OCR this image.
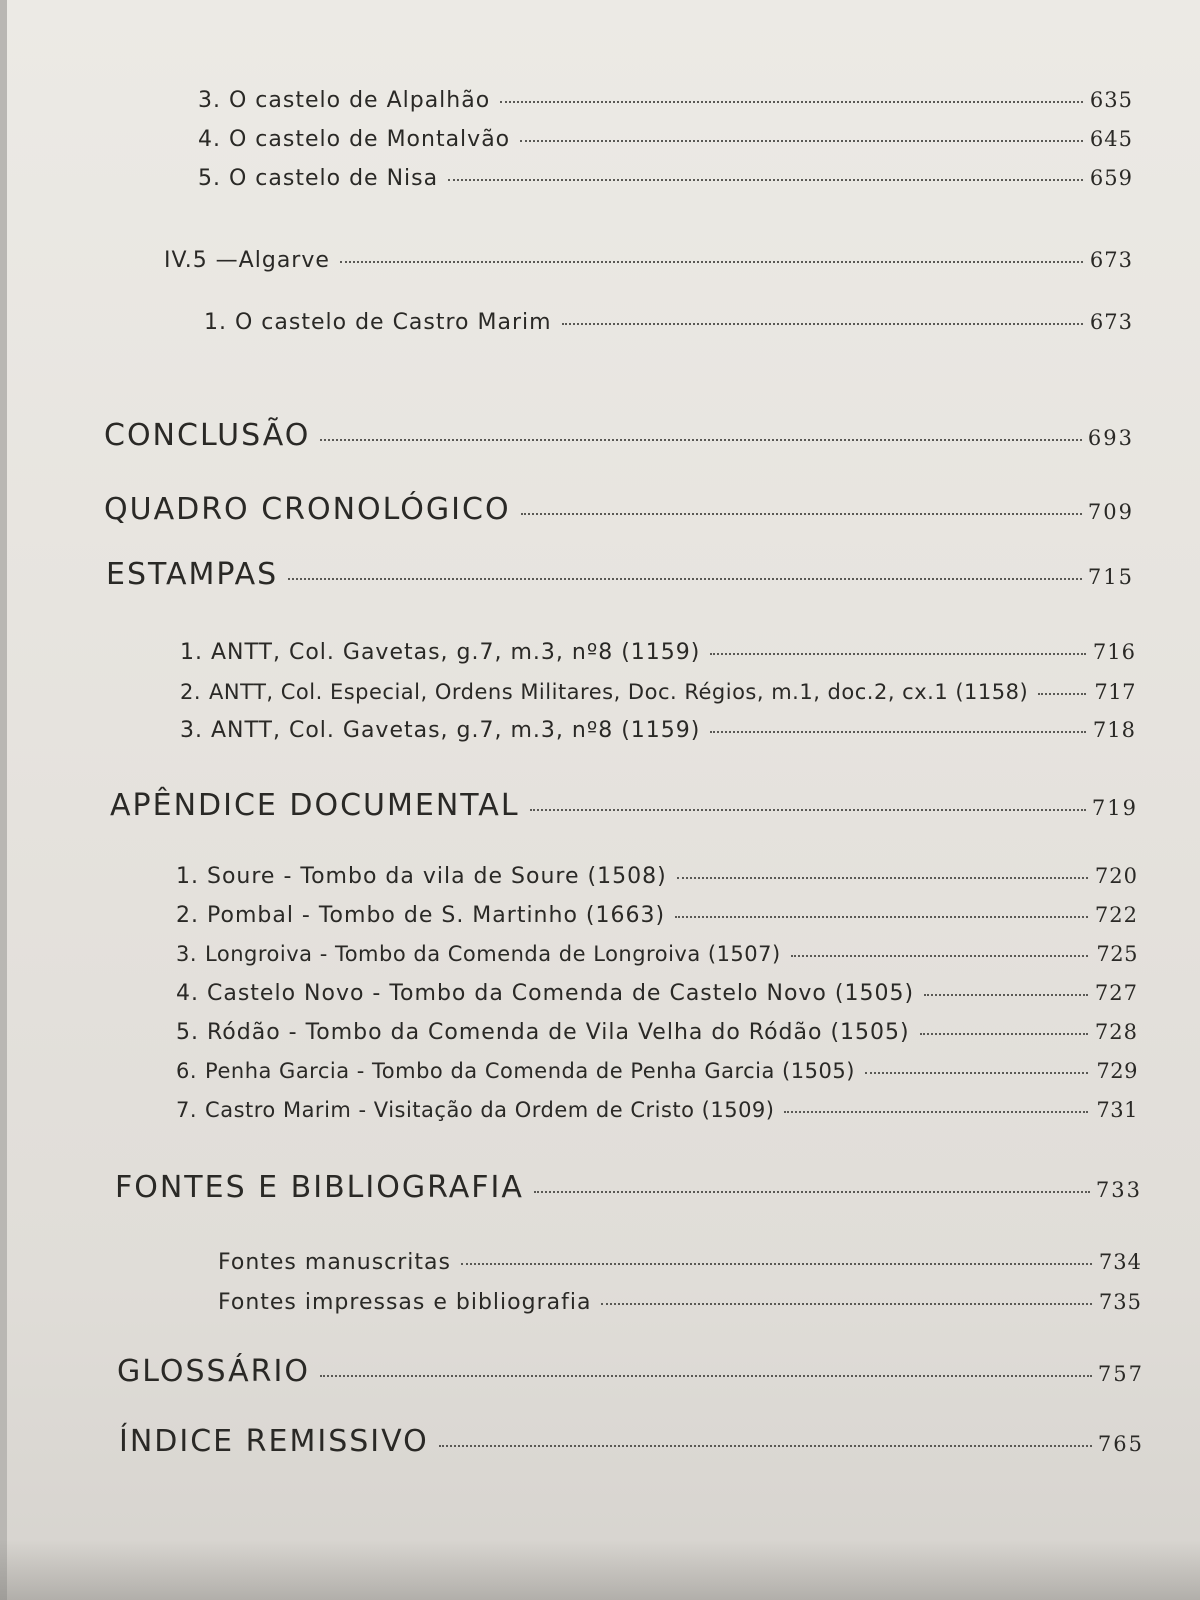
3. O castelo de Alpalhão	635
4. O castelo de Montalvão	645
5. O castelo de Nisa	659
IV.5 —Algarve	673
1. O castelo de Castro Marim	673
CONCLUSÃO	693
QUADRO CRONOLÓGICO	709
ESTAMPAS	715
1. ANTT, Col. Gavetas, g.7, m.3, nº8 (1159)	716
2. ANTT, Col. Especial, Ordens Militares, Doc. Régios, m.1, doc.2, cx.1 (1158)	717
3. ANTT, Col. Gavetas, g.7, m.3, nº8 (1159)	718
APÊNDICE DOCUMENTAL	719
1. Soure - Tombo da vila de Soure (1508)	720
2. Pombal - Tombo de S. Martinho (1663)	722
3. Longroiva - Tombo da Comenda de Longroiva (1507)	725
4. Castelo Novo - Tombo da Comenda de Castelo Novo (1505)	727
5. Ródão - Tombo da Comenda de Vila Velha do Ródão (1505)	728
6. Penha Garcia - Tombo da Comenda de Penha Garcia (1505)	729
7. Castro Marim - Visitação da Ordem de Cristo (1509)	731
FONTES E BIBLIOGRAFIA	733
Fontes manuscritas	734
Fontes impressas e bibliografia	735
GLOSSÁRIO	757
ÍNDICE REMISSIVO	765
